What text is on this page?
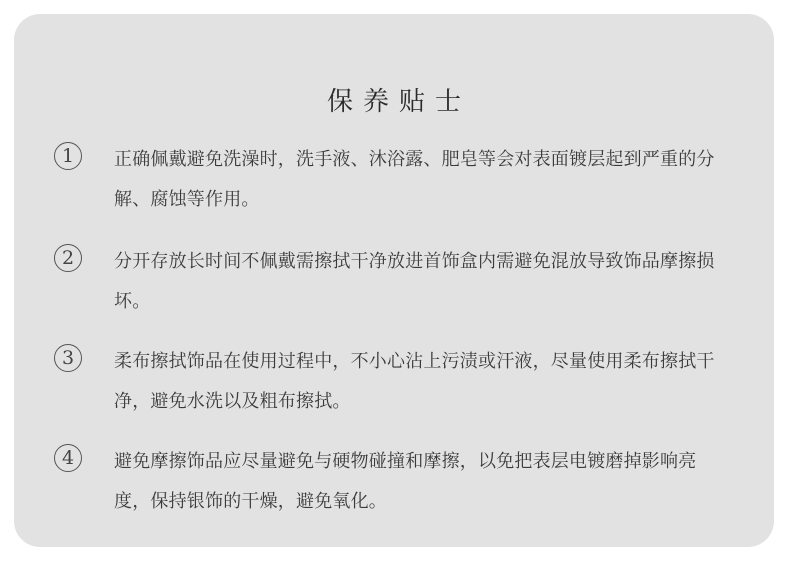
保养贴士
1	正确佩戴避免洗澡时，洗手液、沐浴露、肥皂等会对表面镀层起到严重的分解、腐蚀等作用。
2	分开存放长时间不佩戴需擦拭干净放进首饰盒内需避免混放导致饰品摩擦损坏。
3	柔布擦拭饰品在使用过程中，不小心沾上污渍或汗液，尽量使用柔布擦拭干净，避免水洗以及粗布擦拭。
4	避免摩擦饰品应尽量避免与硬物碰撞和摩擦，以免把表层电镀磨掉影响亮度，保持银饰的干燥，避免氧化。
